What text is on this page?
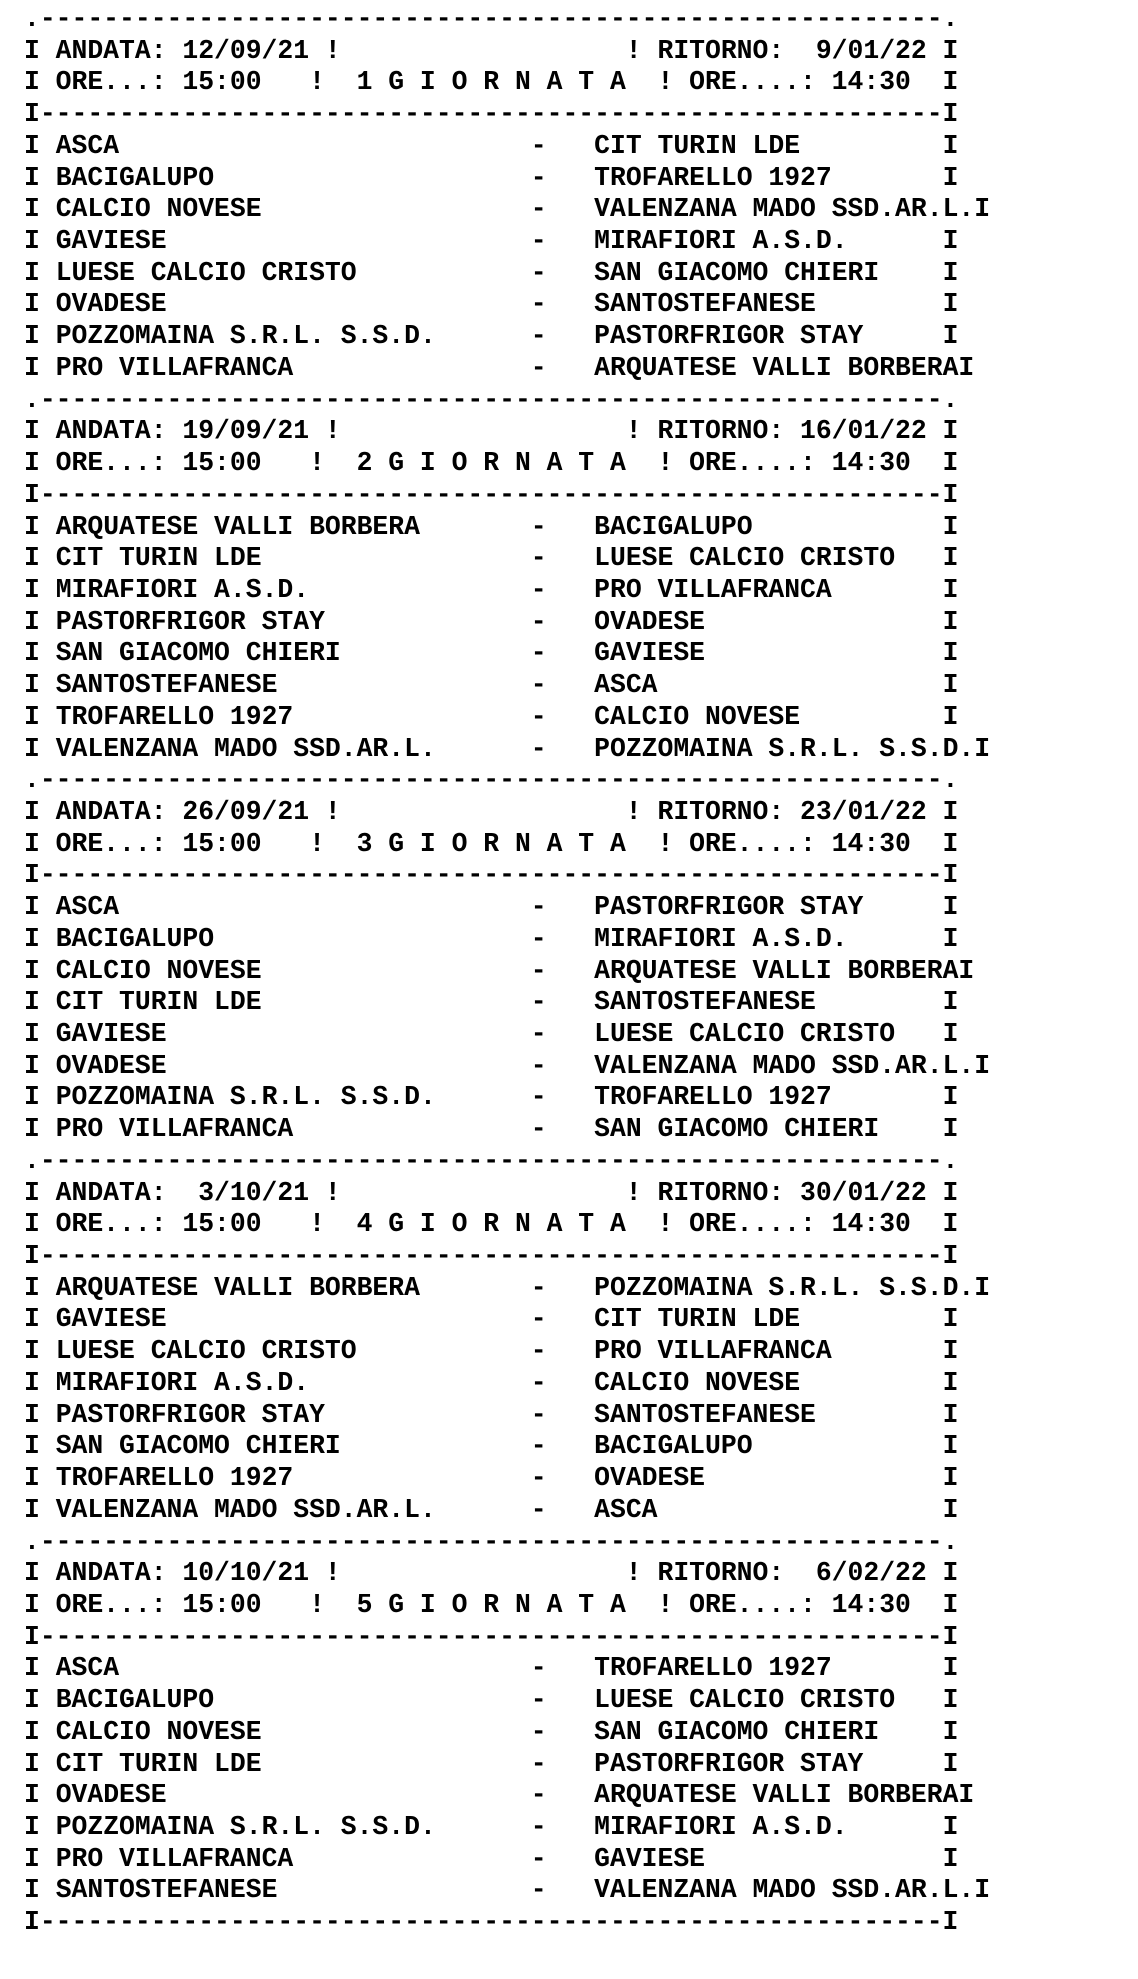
.---------------------------------------------------------.
I ANDATA: 12/09/21 !                  ! RITORNO:  9/01/22 I
I ORE...: 15:00   !  1 G I O R N A T A  ! ORE....: 14:30  I
I---------------------------------------------------------I
I ASCA                          -   CIT TURIN LDE         I
I BACIGALUPO                    -   TROFARELLO 1927       I
I CALCIO NOVESE                 -   VALENZANA MADO SSD.AR.L.I
I GAVIESE                       -   MIRAFIORI A.S.D.      I
I LUESE CALCIO CRISTO           -   SAN GIACOMO CHIERI    I
I OVADESE                       -   SANTOSTEFANESE        I
I POZZOMAINA S.R.L. S.S.D.      -   PASTORFRIGOR STAY     I
I PRO VILLAFRANCA               -   ARQUATESE VALLI BORBERAI
.---------------------------------------------------------.
I ANDATA: 19/09/21 !                  ! RITORNO: 16/01/22 I
I ORE...: 15:00   !  2 G I O R N A T A  ! ORE....: 14:30  I
I---------------------------------------------------------I
I ARQUATESE VALLI BORBERA       -   BACIGALUPO            I
I CIT TURIN LDE                 -   LUESE CALCIO CRISTO   I
I MIRAFIORI A.S.D.              -   PRO VILLAFRANCA       I
I PASTORFRIGOR STAY             -   OVADESE               I
I SAN GIACOMO CHIERI            -   GAVIESE               I
I SANTOSTEFANESE                -   ASCA                  I
I TROFARELLO 1927               -   CALCIO NOVESE         I
I VALENZANA MADO SSD.AR.L.      -   POZZOMAINA S.R.L. S.S.D.I
.---------------------------------------------------------.
I ANDATA: 26/09/21 !                  ! RITORNO: 23/01/22 I
I ORE...: 15:00   !  3 G I O R N A T A  ! ORE....: 14:30  I
I---------------------------------------------------------I
I ASCA                          -   PASTORFRIGOR STAY     I
I BACIGALUPO                    -   MIRAFIORI A.S.D.      I
I CALCIO NOVESE                 -   ARQUATESE VALLI BORBERAI
I CIT TURIN LDE                 -   SANTOSTEFANESE        I
I GAVIESE                       -   LUESE CALCIO CRISTO   I
I OVADESE                       -   VALENZANA MADO SSD.AR.L.I
I POZZOMAINA S.R.L. S.S.D.      -   TROFARELLO 1927       I
I PRO VILLAFRANCA               -   SAN GIACOMO CHIERI    I
.---------------------------------------------------------.
I ANDATA:  3/10/21 !                  ! RITORNO: 30/01/22 I
I ORE...: 15:00   !  4 G I O R N A T A  ! ORE....: 14:30  I
I---------------------------------------------------------I
I ARQUATESE VALLI BORBERA       -   POZZOMAINA S.R.L. S.S.D.I
I GAVIESE                       -   CIT TURIN LDE         I
I LUESE CALCIO CRISTO           -   PRO VILLAFRANCA       I
I MIRAFIORI A.S.D.              -   CALCIO NOVESE         I
I PASTORFRIGOR STAY             -   SANTOSTEFANESE        I
I SAN GIACOMO CHIERI            -   BACIGALUPO            I
I TROFARELLO 1927               -   OVADESE               I
I VALENZANA MADO SSD.AR.L.      -   ASCA                  I
.---------------------------------------------------------.
I ANDATA: 10/10/21 !                  ! RITORNO:  6/02/22 I
I ORE...: 15:00   !  5 G I O R N A T A  ! ORE....: 14:30  I
I---------------------------------------------------------I
I ASCA                          -   TROFARELLO 1927       I
I BACIGALUPO                    -   LUESE CALCIO CRISTO   I
I CALCIO NOVESE                 -   SAN GIACOMO CHIERI    I
I CIT TURIN LDE                 -   PASTORFRIGOR STAY     I
I OVADESE                       -   ARQUATESE VALLI BORBERAI
I POZZOMAINA S.R.L. S.S.D.      -   MIRAFIORI A.S.D.      I
I PRO VILLAFRANCA               -   GAVIESE               I
I SANTOSTEFANESE                -   VALENZANA MADO SSD.AR.L.I
I---------------------------------------------------------I
